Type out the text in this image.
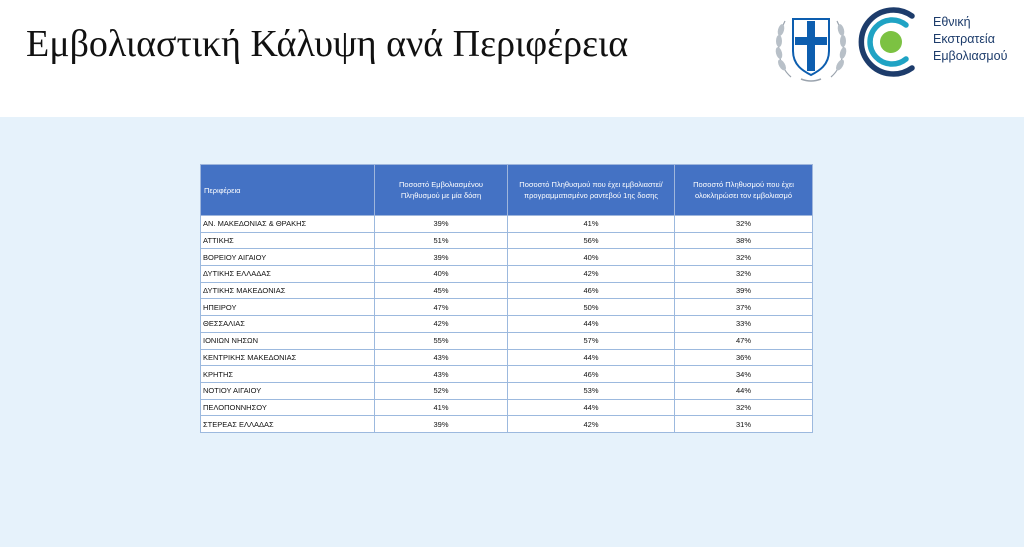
Εμβολιαστική Κάλυψη ανά Περιφέρεια
Εθνική
Εκστρατεία
Εμβολιασμού
Περιφέρεια	Ποσοστό Εμβολιασμένου Πληθυσμού με μία δόση	Ποσοστό Πληθυσμού που έχει εμβολιαστεί/προγραμματισμένο ραντεβού 1ης δοσης	Ποσοστό Πληθυσμού που έχει ολοκληρώσει τον εμβολιασμό
ΑΝ. ΜΑΚΕΔΟΝΙΑΣ & ΘΡΑΚΗΣ	39%	41%	32%
ΑΤΤΙΚΗΣ	51%	56%	38%
ΒΟΡΕΙΟΥ ΑΙΓΑΙΟΥ	39%	40%	32%
ΔΥΤΙΚΗΣ ΕΛΛΑΔΑΣ	40%	42%	32%
ΔΥΤΙΚΗΣ ΜΑΚΕΔΟΝΙΑΣ	45%	46%	39%
ΗΠΕΙΡΟΥ	47%	50%	37%
ΘΕΣΣΑΛΙΑΣ	42%	44%	33%
ΙΟΝΙΩΝ ΝΗΣΩΝ	55%	57%	47%
ΚΕΝΤΡΙΚΗΣ ΜΑΚΕΔΟΝΙΑΣ	43%	44%	36%
ΚΡΗΤΗΣ	43%	46%	34%
ΝΟΤΙΟΥ ΑΙΓΑΙΟΥ	52%	53%	44%
ΠΕΛΟΠΟΝΝΗΣΟΥ	41%	44%	32%
ΣΤΕΡΕΑΣ ΕΛΛΑΔΑΣ	39%	42%	31%
